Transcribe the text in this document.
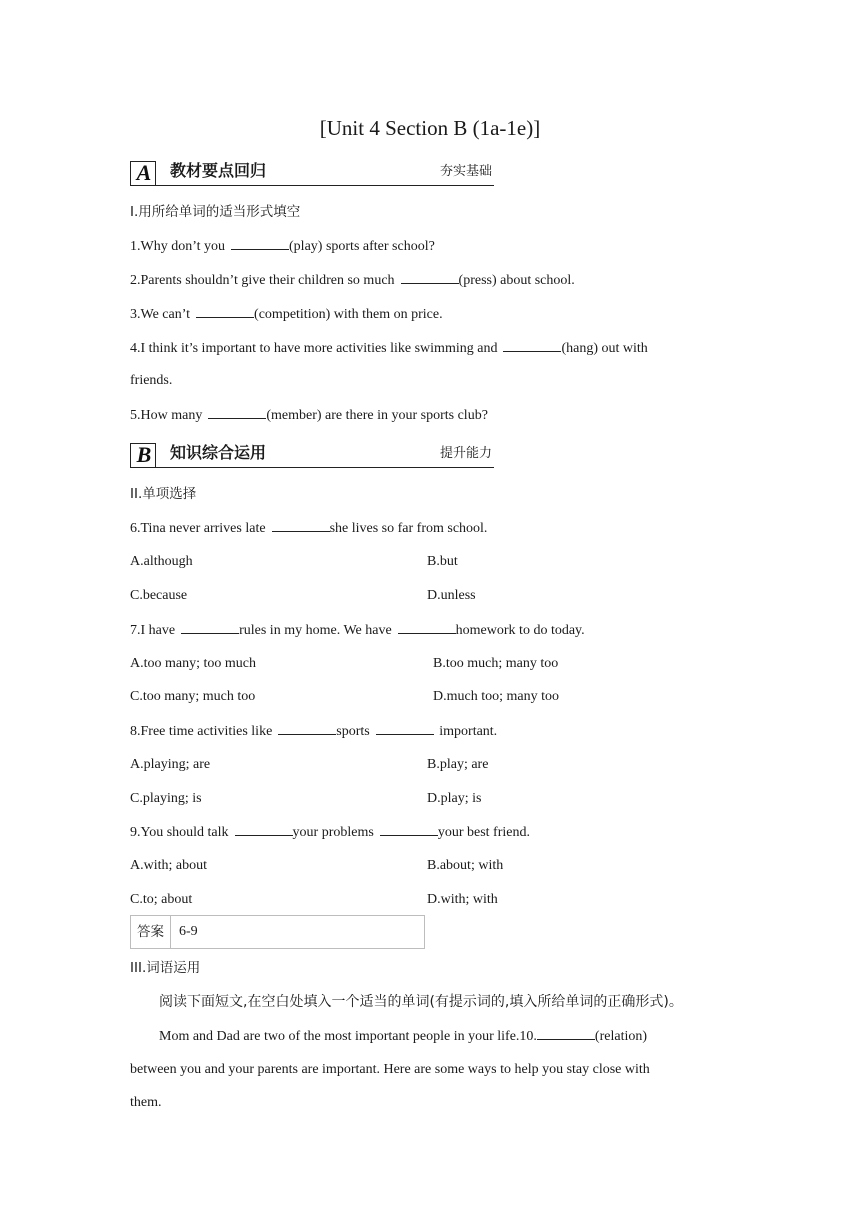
[Unit 4 Section B (1a-1e)]
A 教材要点回归	夯实基础
I.用所给单词的适当形式填空
1.Why don’t you	(play) sports after school?
2.Parents shouldn’t give their children so much	(press) about school.
3.We can’t	(competition) with them on price.
4.I think it’s important to have more activities like swimming and	(hang) out with
friends.
5.How many	(member) are there in your sports club?
B 知识综合运用	提升能力
II.单项选择
6.Tina never arrives late	she lives so far from school.
A.although	B.but
C.because	D.unless
7.I have	rules in my home. We have	homework to do today.
A.too many; too much	B.too much; many too
C.too many; much too	D.much too; many too
8.Free time activities like	sports	important.
A.playing; are	B.play; are
C.playing; is	D.play; is
9.You should talk	your problems	your best friend.
A.with; about	B.about; with
C.to; about	D.with; with
答案	6-9
III.词语运用
阅读下面短文,在空白处填入一个适当的单词(有提示词的,填入所给单词的正确形式)。
Mom and Dad are two of the most important people in your life.10.	(relation)
between you and your parents are important. Here are some ways to help you stay close with
them.
